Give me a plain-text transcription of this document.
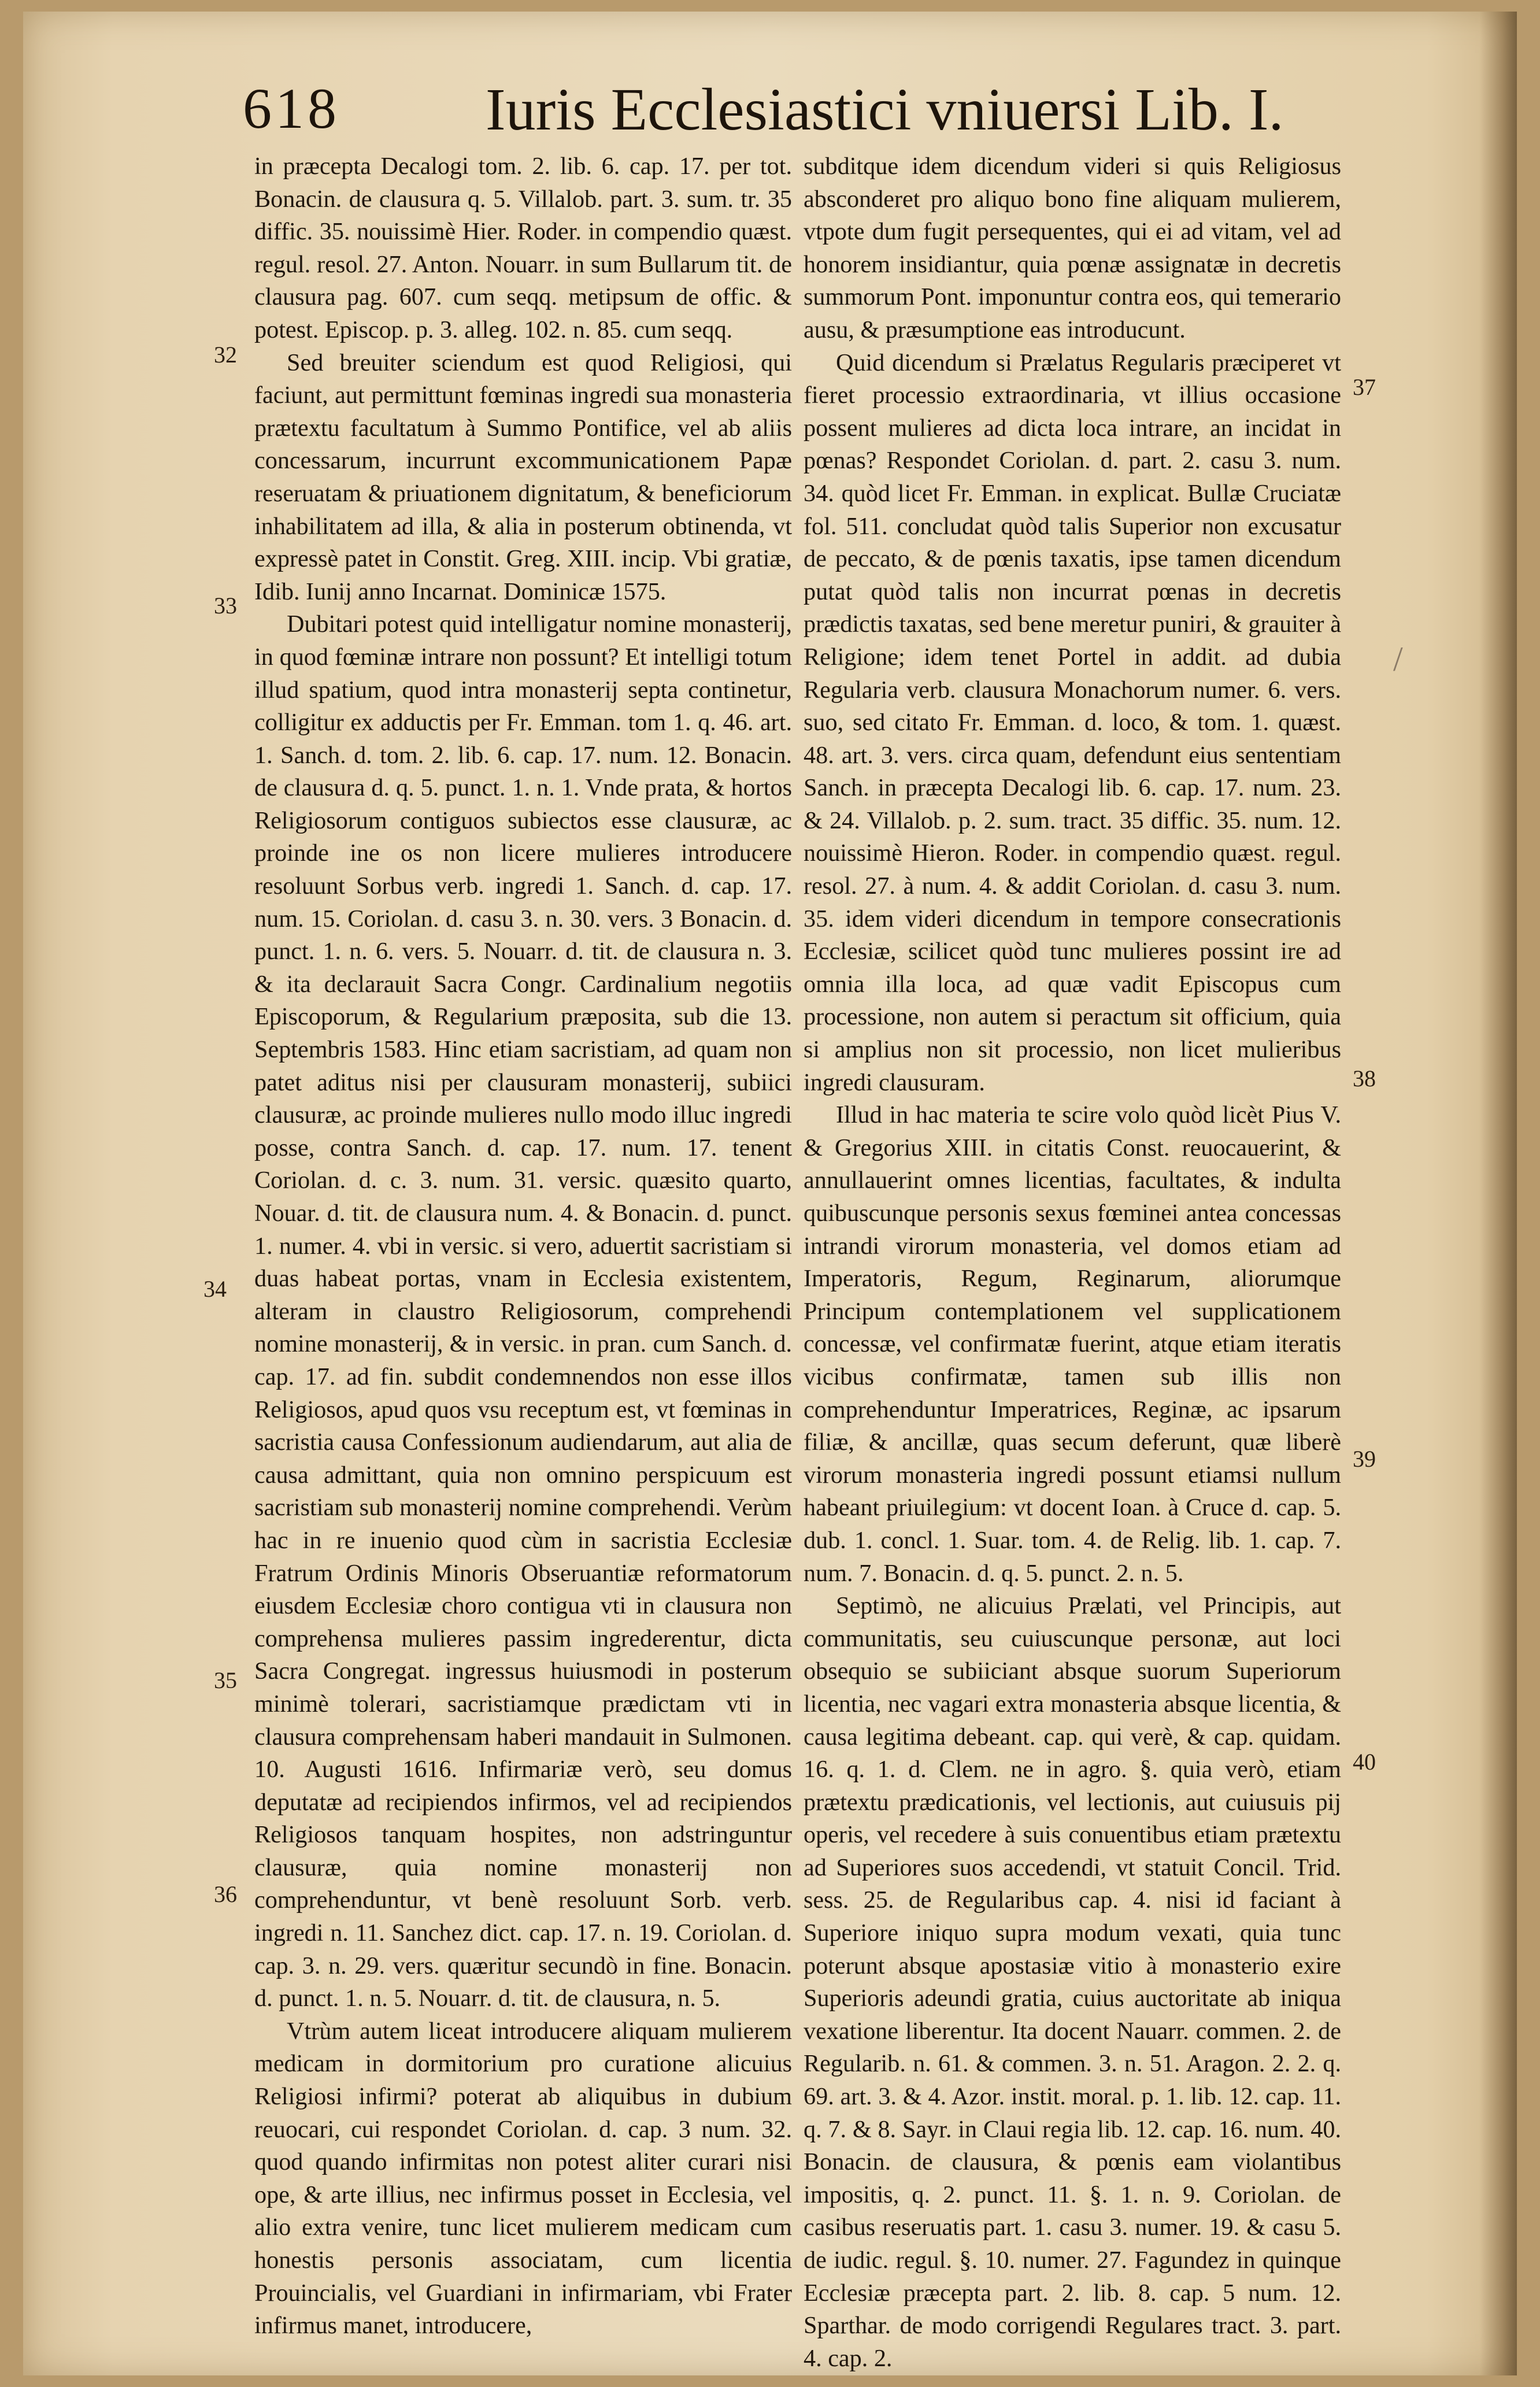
618 Iuris Ecclesiastici vniuersi Lib. I.

in præcepta Decalogi tom. 2. lib. 6. cap. 17. per tot. Bonacin. de clausura q. 5. Villalob. part. 3. sum. tr. 35 diffic. 35. nouissimè Hier. Roder. in compendio quæst. regul. resol. 27. Anton. Nouarr. in sum Bullarum tit. de clausura pag. 607. cum seqq. metipsum de offic. & potest. Episcop. p. 3. alleg. 102. n. 85. cum seqq.

Sed breuiter sciendum est quod Religiosi, qui faciunt, aut permittunt fœminas ingredi sua monasteria prætextu facultatum à Summo Pontifice, vel ab aliis concessarum, incurrunt excommunicationem Papæ reseruatam & priuationem dignitatum, & beneficiorum inhabilitatem ad illa, & alia in posterum obtinenda, vt expressè patet in Constit. Greg. XIII. incip. Vbi gratiæ, Idib. Iunij anno Incarnat. Dominicæ 1575.

Dubitari potest quid intelligatur nomine monasterij, in quod fœminæ intrare non possunt? Et intelligi totum illud spatium, quod intra monasterij septa continetur, colligitur ex adductis per Fr. Emman. tom 1. q. 46. art. 1. Sanch. d. tom. 2. lib. 6. cap. 17. num. 12. Bonacin. de clausura d. q. 5. punct. 1. n. 1. Vnde prata, & hortos Religiosorum contiguos subiectos esse clausuræ, ac proinde ine os non licere mulieres introducere resoluunt Sorbus verb. ingredi 1. Sanch. d. cap. 17. num. 15. Coriolan. d. casu 3. n. 30. vers. 3 Bonacin. d. punct. 1. n. 6. vers. 5. Nouarr. d. tit. de clausura n. 3. & ita declarauit Sacra Congr. Cardinalium negotiis Episcoporum, & Regularium præposita, sub die 13. Septembris 1583. Hinc etiam sacristiam, ad quam non patet aditus nisi per clausuram monasterij, subiici clausuræ, ac proinde mulieres nullo modo illuc ingredi posse, contra Sanch. d. cap. 17. num. 17. tenent Coriolan. d. c. 3. num. 31. versic. quæsito quarto, Nouar. d. tit. de clausura num. 4. & Bonacin. d. punct. 1. numer. 4. vbi in versic. si vero, aduertit sacristiam si duas habeat portas, vnam in Ecclesia existentem, alteram in claustro Religiosorum, comprehendi nomine monasterij, & in versic. in pran. cum Sanch. d. cap. 17. ad fin. subdit condemnendos non esse illos Religiosos, apud quos vsu receptum est, vt fœminas in sacristia causa Confessionum audiendarum, aut alia de causa admittant, quia non omnino perspicuum est sacristiam sub monasterij nomine comprehendi. Verùm hac in re inuenio quod cùm in sacristia Ecclesiæ Fratrum Ordinis Minoris Obseruantiæ reformatorum eiusdem Ecclesiæ choro contigua vti in clausura non comprehensa mulieres passim ingrederentur, dicta Sacra Congregat. ingressus huiusmodi in posterum minimè tolerari, sacristiamque prædictam vti in clausura comprehensam haberi mandauit in Sulmonen. 10. Augusti 1616. Infirmariæ verò, seu domus deputatæ ad recipiendos infirmos, vel ad recipiendos Religiosos tanquam hospites, non adstringuntur clausuræ, quia nomine monasterij non comprehenduntur, vt benè resoluunt Sorb. verb. ingredi n. 11. Sanchez dict. cap. 17. n. 19. Coriolan. d. cap. 3. n. 29. vers. quæritur secundò in fine. Bonacin. d. punct. 1. n. 5. Nouarr. d. tit. de clausura, n. 5.

Vtrùm autem liceat introducere aliquam mulierem medicam in dormitorium pro curatione alicuius Religiosi infirmi? poterat ab aliquibus in dubium reuocari, cui respondet Coriolan. d. cap. 3 num. 32. quod quando infirmitas non potest aliter curari nisi ope, & arte illius, nec infirmus posset in Ecclesia, vel alio extra venire, tunc licet mulierem medicam cum honestis personis associatam, cum licentia Prouincialis, vel Guardiani in infirmariam, vbi Frater infirmus manet, introducere,

subditque idem dicendum videri si quis Religiosus absconderet pro aliquo bono fine aliquam mulierem, vtpote dum fugit persequentes, qui ei ad vitam, vel ad honorem insidiantur, quia pœnæ assignatæ in decretis summorum Pont. imponuntur contra eos, qui temerario ausu, & præsumptione eas introducunt.

Quid dicendum si Prælatus Regularis præciperet vt fieret processio extraordinaria, vt illius occasione possent mulieres ad dicta loca intrare, an incidat in pœnas? Respondet Coriolan. d. part. 2. casu 3. num. 34. quòd licet Fr. Emman. in explicat. Bullæ Cruciatæ fol. 511. concludat quòd talis Superior non excusatur de peccato, & de pœnis taxatis, ipse tamen dicendum putat quòd talis non incurrat pœnas in decretis prædictis taxatas, sed bene meretur puniri, & grauiter à Religione; idem tenet Portel in addit. ad dubia Regularia verb. clausura Monachorum numer. 6. vers. suo, sed citato Fr. Emman. d. loco, & tom. 1. quæst. 48. art. 3. vers. circa quam, defendunt eius sententiam Sanch. in præcepta Decalogi lib. 6. cap. 17. num. 23. & 24. Villalob. p. 2. sum. tract. 35 diffic. 35. num. 12. nouissimè Hieron. Roder. in compendio quæst. regul. resol. 27. à num. 4. & addit Coriolan. d. casu 3. num. 35. idem videri dicendum in tempore consecrationis Ecclesiæ, scilicet quòd tunc mulieres possint ire ad omnia illa loca, ad quæ vadit Episcopus cum processione, non autem si peractum sit officium, quia si amplius non sit processio, non licet mulieribus ingredi clausuram.

Illud in hac materia te scire volo quòd licèt Pius V. & Gregorius XIII. in citatis Const. reuocauerint, & annullauerint omnes licentias, facultates, & indulta quibuscunque personis sexus fœminei antea concessas intrandi virorum monasteria, vel domos etiam ad Imperatoris, Regum, Reginarum, aliorumque Principum contemplationem vel supplicationem concessæ, vel confirmatæ fuerint, atque etiam iteratis vicibus confirmatæ, tamen sub illis non comprehenduntur Imperatrices, Reginæ, ac ipsarum filiæ, & ancillæ, quas secum deferunt, quæ liberè virorum monasteria ingredi possunt etiamsi nullum habeant priuilegium: vt docent Ioan. à Cruce d. cap. 5. dub. 1. concl. 1. Suar. tom. 4. de Relig. lib. 1. cap. 7. num. 7. Bonacin. d. q. 5. punct. 2. n. 5.

Septimò, ne alicuius Prælati, vel Principis, aut communitatis, seu cuiuscunque personæ, aut loci obsequio se subiiciant absque suorum Superiorum licentia, nec vagari extra monasteria absque licentia, & causa legitima debeant. cap. qui verè, & cap. quidam. 16. q. 1. d. Clem. ne in agro. §. quia verò, etiam prætextu prædicationis, vel lectionis, aut cuiusuis pij operis, vel recedere à suis conuentibus etiam prætextu ad Superiores suos accedendi, vt statuit Concil. Trid. sess. 25. de Regularibus cap. 4. nisi id faciant à Superiore iniquo supra modum vexati, quia tunc poterunt absque apostasiæ vitio à monasterio exire Superioris adeundi gratia, cuius auctoritate ab iniqua vexatione liberentur. Ita docent Nauarr. commen. 2. de Regularib. n. 61. & commen. 3. n. 51. Aragon. 2. 2. q. 69. art. 3. & 4. Azor. instit. moral. p. 1. lib. 12. cap. 11. q. 7. & 8. Sayr. in Claui regia lib. 12. cap. 16. num. 40. Bonacin. de clausura, & pœnis eam violantibus impositis, q. 2. punct. 11. §. 1. n. 9. Coriolan. de casibus reseruatis part. 1. casu 3. numer. 19. & casu 5. de iudic. regul. §. 10. numer. 27. Fagundez in quinque Ecclesiæ præcepta part. 2. lib. 8. cap. 5 num. 12. Sparthar. de modo corrigendi Regulares tract. 3. part. 4. cap. 2.

32
33
34
35
36
37
38
39
40
/
